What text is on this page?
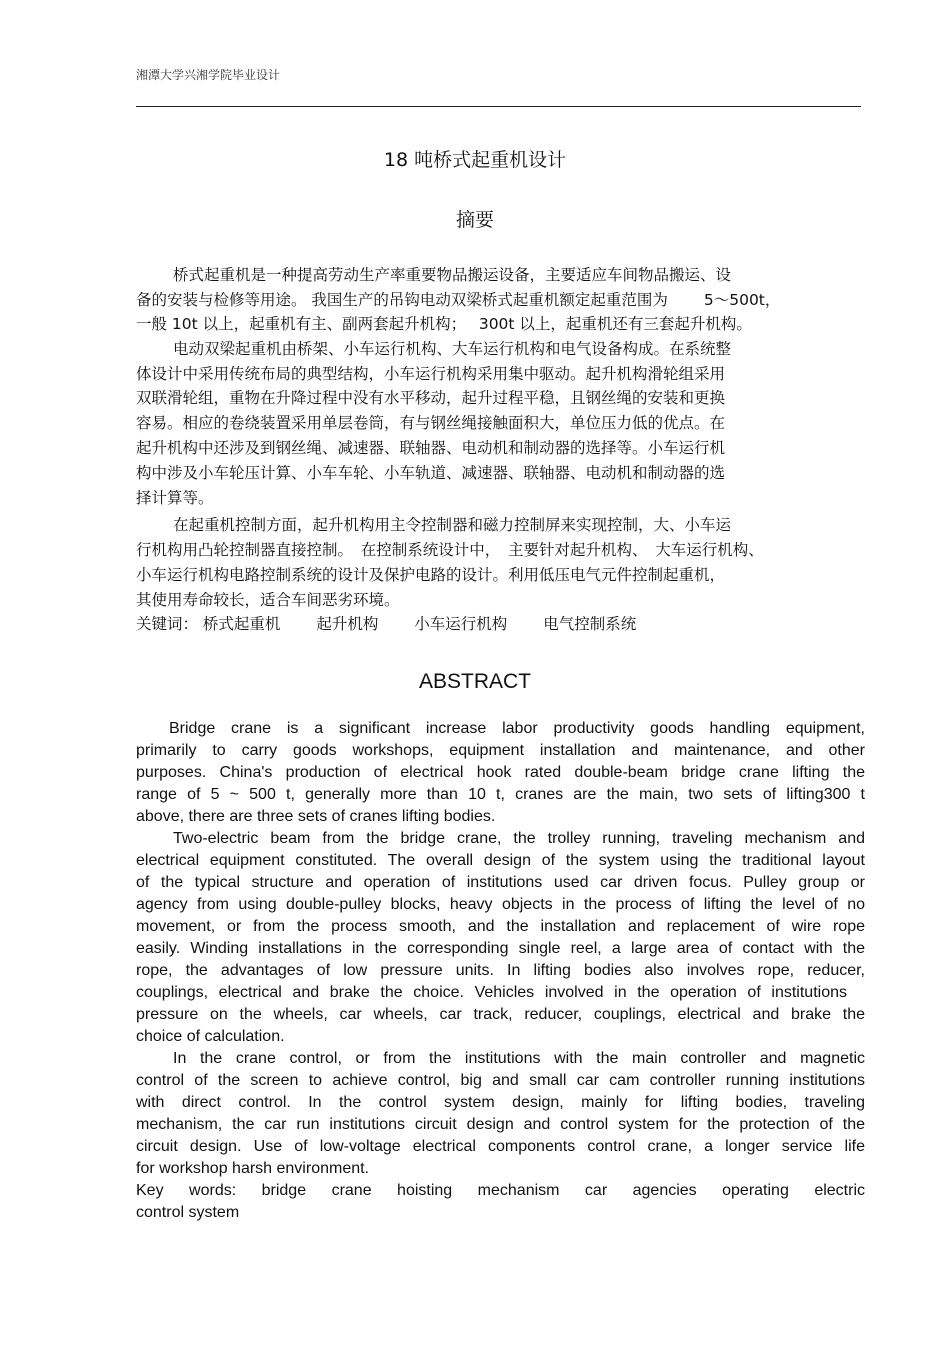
湘潭大学兴湘学院毕业设计
18 吨桥式起重机设计
摘要
桥式起重机是一种提高劳动生产率重要物品搬运设备，主要适应车间物品搬运、设
备的安装与检修等用途。 我国生产的吊钩电动双梁桥式起重机额定起重范围为 　　5～500t，
一般 10t 以上，起重机有主、副两套起升机构；　 300t 以上，起重机还有三套起升机构。
电动双梁起重机由桥架、小车运行机构、大车运行机构和电气设备构成。在系统整
体设计中采用传统布局的典型结构，小车运行机构采用集中驱动。起升机构滑轮组采用
双联滑轮组，重物在升降过程中没有水平移动，起升过程平稳，且钢丝绳的安装和更换
容易。相应的卷绕装置采用单层卷筒，有与钢丝绳接触面积大，单位压力低的优点。在
起升机构中还涉及到钢丝绳、减速器、联轴器、电动机和制动器的选择等。小车运行机
构中涉及小车轮压计算、小车车轮、小车轨道、减速器、联轴器、电动机和制动器的选
择计算等。
在起重机控制方面，起升机构用主令控制器和磁力控制屏来实现控制，大、小车运
行机构用凸轮控制器直接控制。　在控制系统设计中，　主要针对起升机构、　大车运行机构、
小车运行机构电路控制系统的设计及保护电路的设计。利用低压电气元件控制起重机，
其使用寿命较长，适合车间恶劣环境。
关键词： 桥式起重机 　　起升机构 　　小车运行机构 　　电气控制系统
ABSTRACT
Bridge crane is a significant increase labor productivity goods handling equipment,
primarily to carry goods workshops, equipment installation and maintenance, and other
purposes. China's production of electrical hook rated double-beam bridge crane lifting the
range of 5 ~ 500 t, generally more than 10 t, cranes are the main, two sets of lifting300 t
above, there are three sets of cranes lifting bodies.
Two-electric beam from the bridge crane, the trolley running, traveling mechanism and
electrical equipment constituted. The overall design of the system using the traditional layout
of the typical structure and operation of institutions used car driven focus. Pulley group or
agency from using double-pulley blocks, heavy objects in the process of lifting the level of no
movement, or from the process smooth, and the installation and replacement of wire rope
easily. Winding installations in the corresponding single reel, a large area of contact with the
rope, the advantages of low pressure units. In lifting bodies also involves rope, reducer,
couplings, electrical and brake the choice. Vehicles involved in the operation of institutions
pressure on the wheels, car wheels, car track, reducer, couplings, electrical and brake the
choice of calculation.
In the crane control, or from the institutions with the main controller and magnetic
control of the screen to achieve control, big and small car cam controller running institutions
with direct control. In the control system design, mainly for lifting bodies, traveling
mechanism, the car run institutions circuit design and control system for the protection of the
circuit design. Use of low-voltage electrical components control crane, a longer service life
for workshop harsh environment.
Key words: bridge crane hoisting mechanism car agencies operating electric
control system
